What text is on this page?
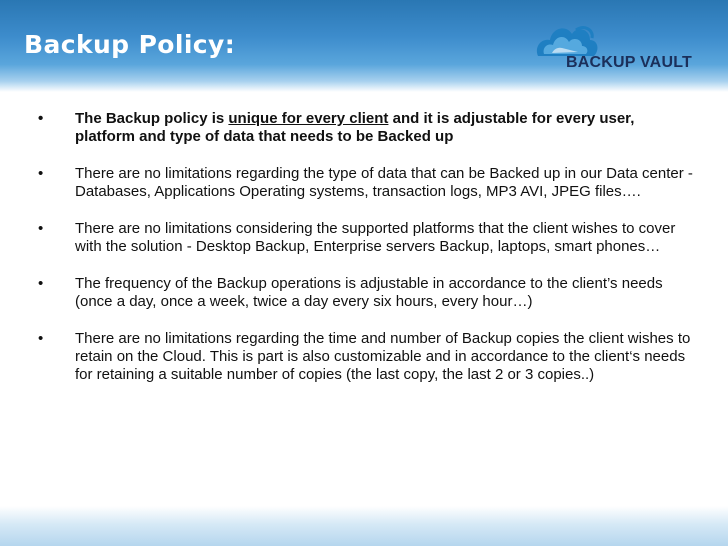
Backup Policy:
BACKUP VAULT

• The Backup policy is unique for every client and it is adjustable for every user, platform and type of data that needs to be Backed up

• There are no limitations regarding the type of data that can be Backed up in our Data center - Databases, Applications Operating systems, transaction logs, MP3 AVI, JPEG files….

• There are no limitations considering the supported platforms that the client wishes to cover with the solution - Desktop Backup, Enterprise servers Backup, laptops, smart phones…

• The frequency of the Backup operations is adjustable in accordance to the client’s needs (once a day, once a week, twice a day every six hours, every hour…)

• There are no limitations regarding the time and number of Backup copies the client wishes to retain on the Cloud. This is part is also customizable and in accordance to the client‘s needs for retaining a suitable number of copies (the last copy, the last 2 or 3 copies..)
